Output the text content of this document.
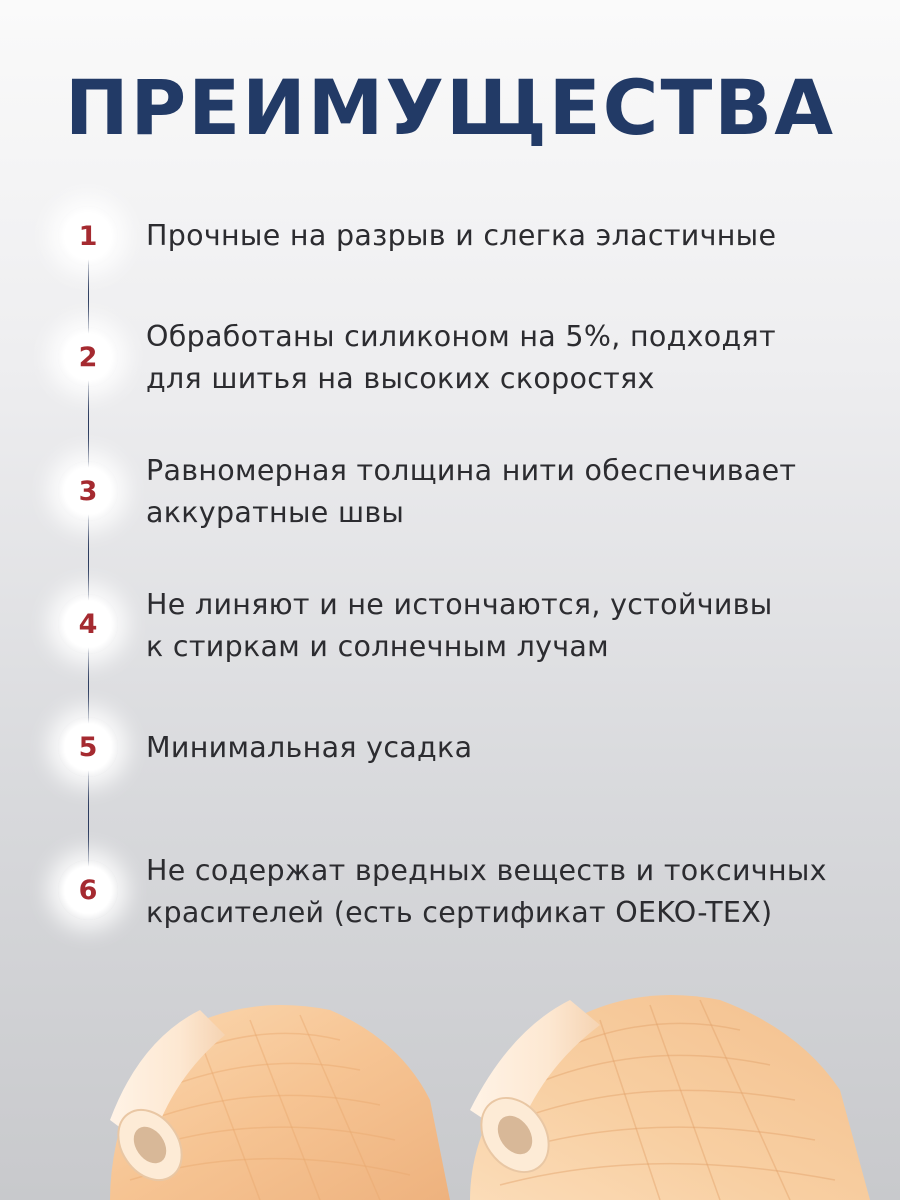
ПРЕИМУЩЕСТВА
1 Прочные на разрыв и слегка эластичные
2
Обработаны силиконом на 5%, подходят
для шитья на высоких скоростях
3
Равномерная толщина нити обеспечивает
аккуратные швы
4
Не линяют и не истончаются, устойчивы
к стиркам и солнечным лучам
5 Минимальная усадка
6
Не содержат вредных веществ и токсичных
красителей (есть сертификат OEKO-TEX)
